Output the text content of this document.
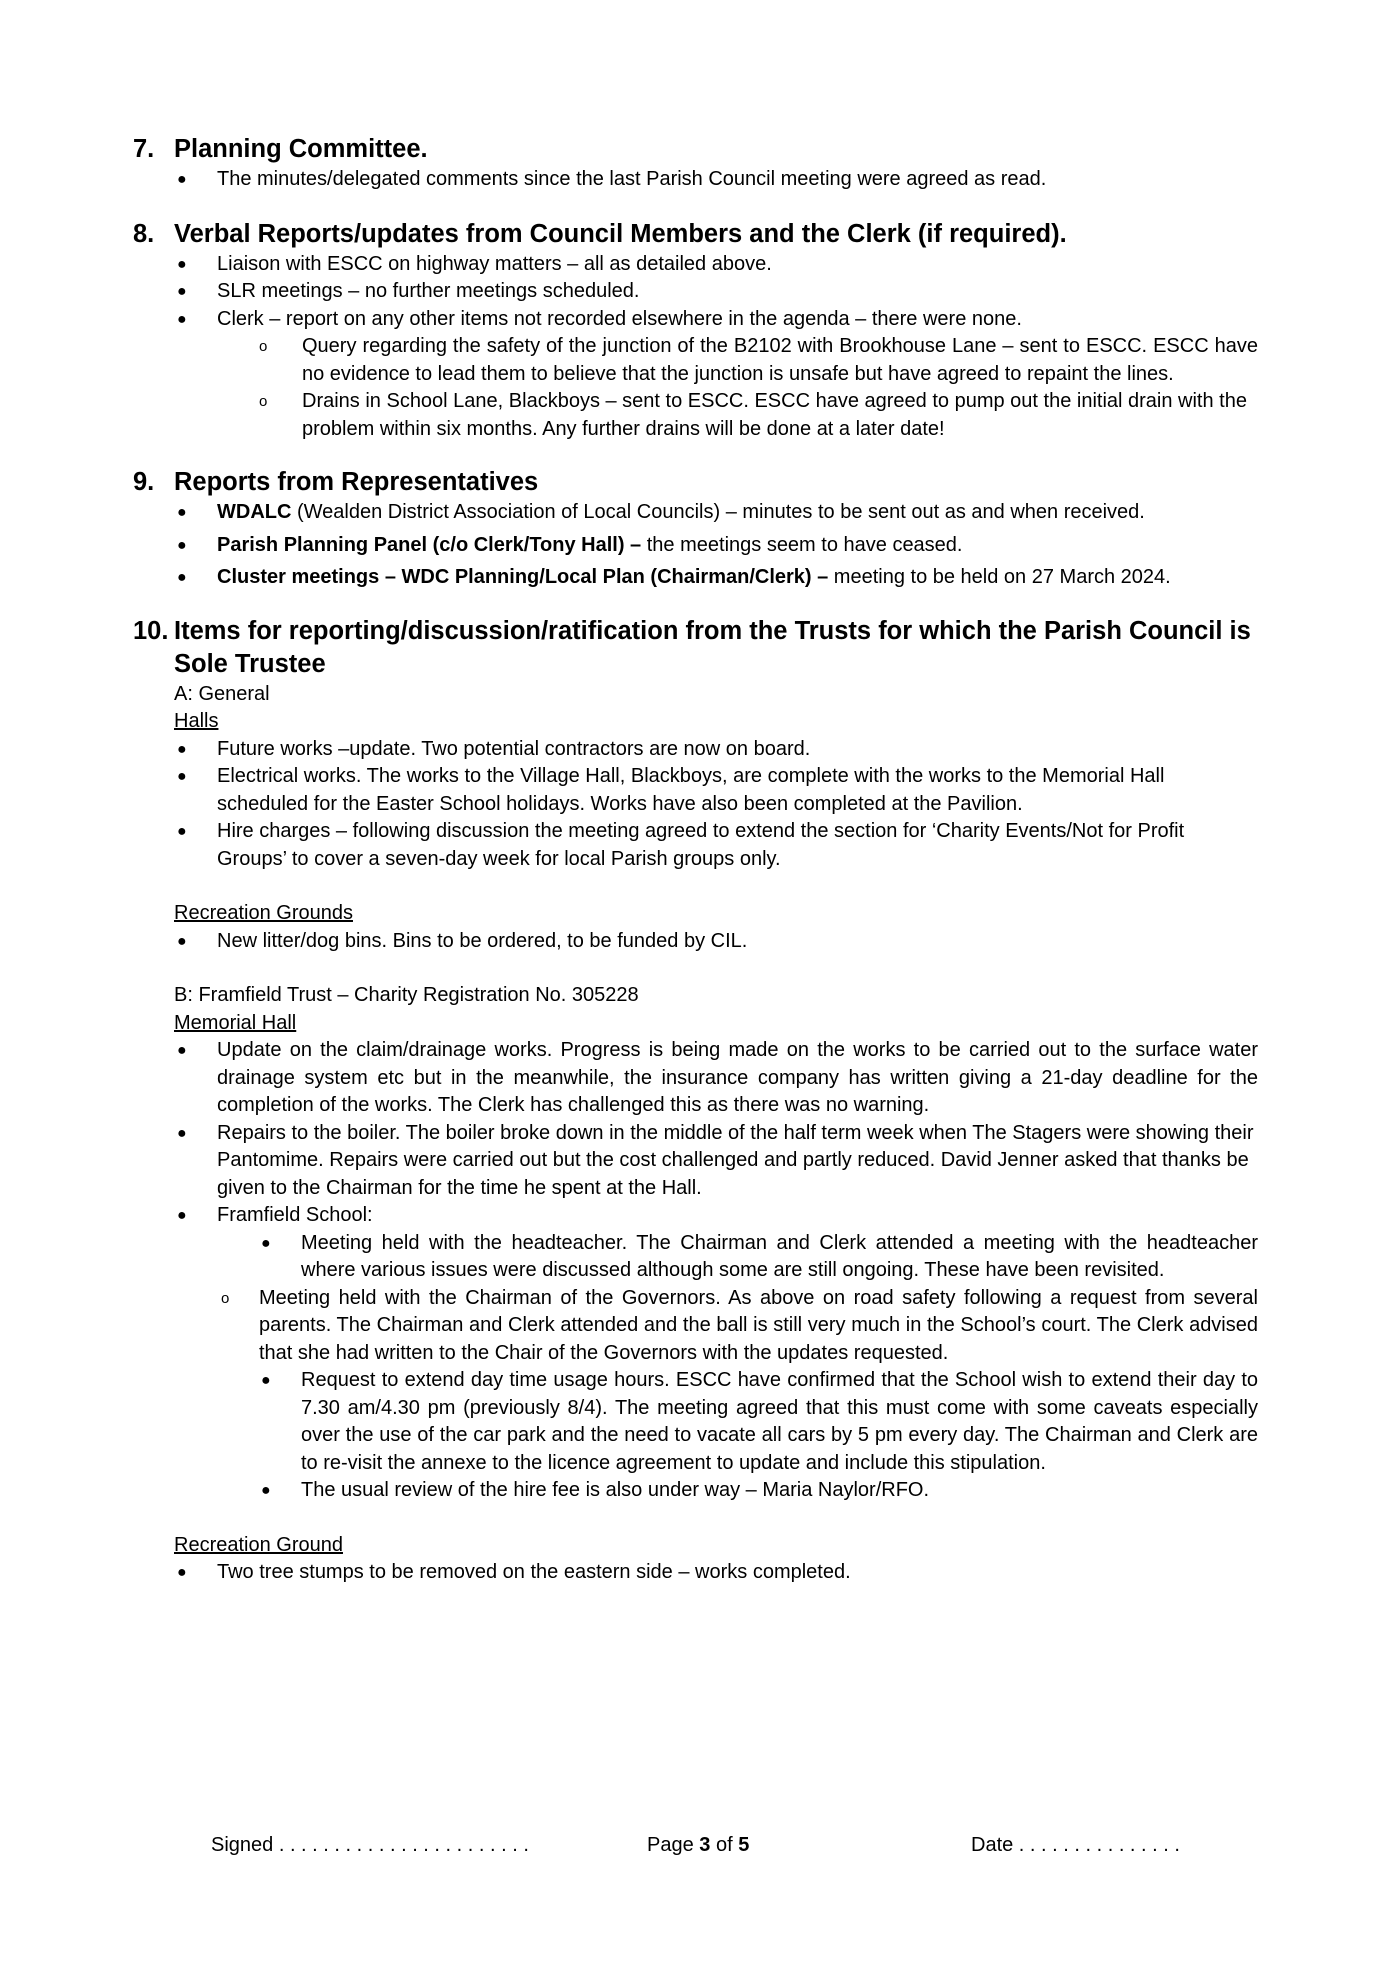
7. Planning Committee.
● The minutes/delegated comments since the last Parish Council meeting were agreed as read.
8. Verbal Reports/updates from Council Members and the Clerk (if required).
● Liaison with ESCC on highway matters – all as detailed above.
● SLR meetings – no further meetings scheduled.
● Clerk – report on any other items not recorded elsewhere in the agenda – there were none.
o Query regarding the safety of the junction of the B2102 with Brookhouse Lane – sent to ESCC. ESCC have no evidence to lead them to believe that the junction is unsafe but have agreed to repaint the lines.
o Drains in School Lane, Blackboys – sent to ESCC. ESCC have agreed to pump out the initial drain with the problem within six months. Any further drains will be done at a later date!
9. Reports from Representatives
● WDALC (Wealden District Association of Local Councils) – minutes to be sent out as and when received.
● Parish Planning Panel (c/o Clerk/Tony Hall) – the meetings seem to have ceased.
● Cluster meetings – WDC Planning/Local Plan (Chairman/Clerk) – meeting to be held on 27 March 2024.
10. Items for reporting/discussion/ratification from the Trusts for which the Parish Council is Sole Trustee
A: General
Halls
● Future works –update. Two potential contractors are now on board.
● Electrical works. The works to the Village Hall, Blackboys, are complete with the works to the Memorial Hall scheduled for the Easter School holidays. Works have also been completed at the Pavilion.
● Hire charges – following discussion the meeting agreed to extend the section for ‘Charity Events/Not for Profit Groups’ to cover a seven-day week for local Parish groups only.
Recreation Grounds
● New litter/dog bins. Bins to be ordered, to be funded by CIL.
B: Framfield Trust – Charity Registration No. 305228
Memorial Hall
● Update on the claim/drainage works. Progress is being made on the works to be carried out to the surface water drainage system etc but in the meanwhile, the insurance company has written giving a 21-day deadline for the completion of the works. The Clerk has challenged this as there was no warning.
● Repairs to the boiler. The boiler broke down in the middle of the half term week when The Stagers were showing their Pantomime. Repairs were carried out but the cost challenged and partly reduced. David Jenner asked that thanks be given to the Chairman for the time he spent at the Hall.
● Framfield School:
● Meeting held with the headteacher. The Chairman and Clerk attended a meeting with the headteacher where various issues were discussed although some are still ongoing. These have been revisited.
o Meeting held with the Chairman of the Governors. As above on road safety following a request from several parents. The Chairman and Clerk attended and the ball is still very much in the School’s court. The Clerk advised that she had written to the Chair of the Governors with the updates requested.
● Request to extend day time usage hours. ESCC have confirmed that the School wish to extend their day to 7.30 am/4.30 pm (previously 8/4). The meeting agreed that this must come with some caveats especially over the use of the car park and the need to vacate all cars by 5 pm every day. The Chairman and Clerk are to re-visit the annexe to the licence agreement to update and include this stipulation.
● The usual review of the hire fee is also under way – Maria Naylor/RFO.
Recreation Ground
● Two tree stumps to be removed on the eastern side – works completed.
Signed . . . . . . . . . . . . . . . . . . . . . . .	Page 3 of 5	Date . . . . . . . . . . . . . . .
